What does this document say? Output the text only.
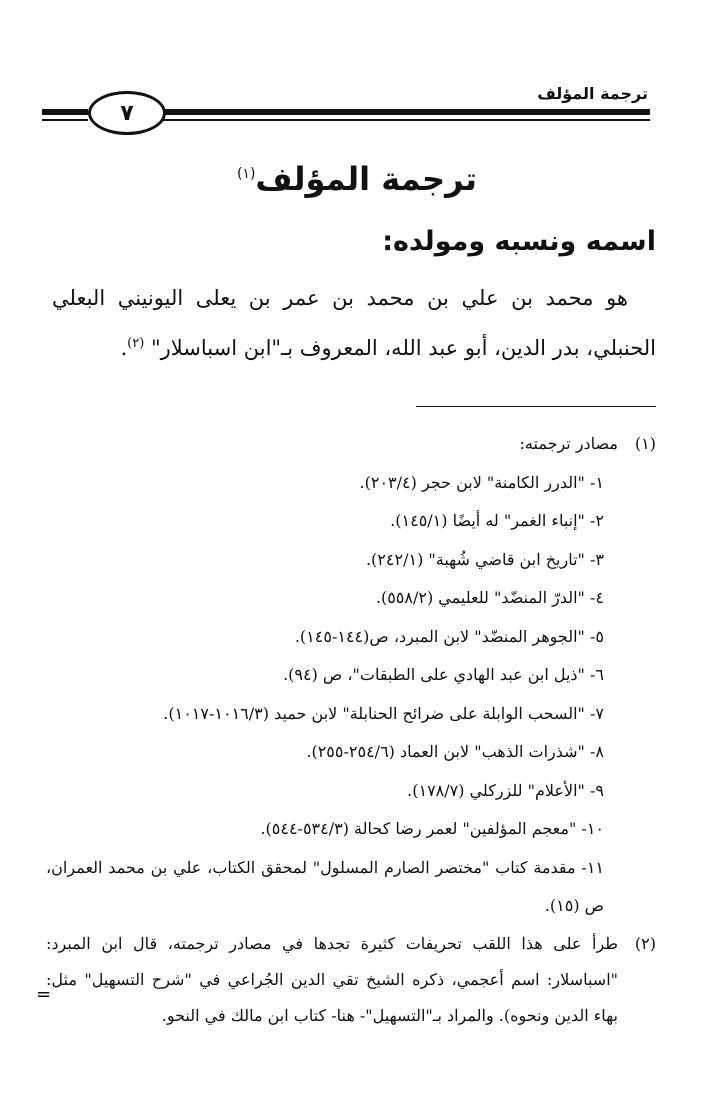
ترجمة المؤلف
٧
ترجمة المؤلف$^{(١)}$
اسمه ونسبه ومولده:

هو محمد بن علي بن محمد بن عمر بن يعلى اليونيني البعلي الحنبلي، بدر الدين، أبو عبد الله، المعروف بـ"ابن اسباسلار" $^{(٢)}$.

(١)
مصادر ترجمته:
١- "الدرر الكامنة" لابن حجر (٢٠٣/٤).
٢- "إنباء الغمر" له أيضًا (١٤٥/١).
٣- "تاريخ ابن قاضي شُهبة" (٢٤٢/١).
٤- "الدرّ المنضّد" للعليمي (٥٥٨/٢).
٥- "الجوهر المنضّد" لابن المبرد، ص(١٤٤-١٤٥).
٦- "ذيل ابن عبد الهادي على الطبقات"، ص (٩٤).
٧- "السحب الوابلة على ضرائح الحنابلة" لابن حميد (١٠١٦/٣-١٠١٧).
٨- "شذرات الذهب" لابن العماد (٢٥٤/٦-٢٥٥).
٩- "الأعلام" للزركلي (١٧٨/٧).
١٠- "معجم المؤلفين" لعمر رضا كحالة (٥٣٤/٣-٥٤٤).
١١- مقدمة كتاب "مختصر الصارم المسلول" لمحقق الكتاب، علي بن محمد العمران، ص (١٥).
(٢)
طرأ على هذا اللقب تحريفات كثيرة تجدها في مصادر ترجمته، قال ابن المبرد: "اسباسلار: اسم أعجمي، ذكره الشيخ تقي الدين الجُراعي في "شرح التسهيل" مثل: بهاء الدين ونحوه). والمراد بـ"التسهيل"- هنا- كتاب ابن مالك في النحو.
=
